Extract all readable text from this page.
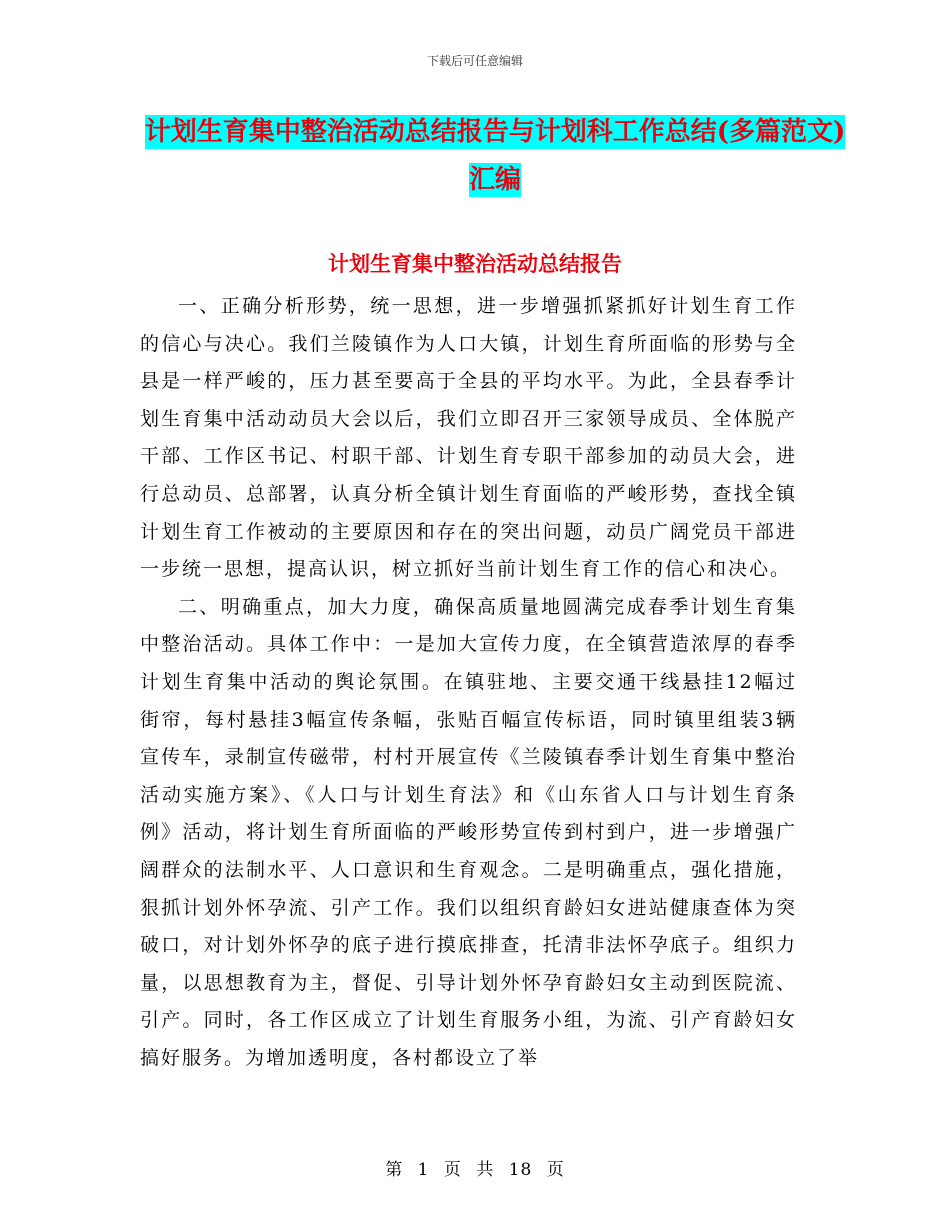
下载后可任意编辑
计划生育集中整治活动总结报告与计划科工作总结(多篇范文)汇编
计划生育集中整治活动总结报告

一、正确分析形势，统一思想，进一步增强抓紧抓好计划生育工作的信心与决心。我们兰陵镇作为人口大镇，计划生育所面临的形势与全县是一样严峻的，压力甚至要高于全县的平均水平。为此，全县春季计划生育集中活动动员大会以后，我们立即召开三家领导成员、全体脱产干部、工作区书记、村职干部、计划生育专职干部参加的动员大会，进行总动员、总部署，认真分析全镇计划生育面临的严峻形势，查找全镇计划生育工作被动的主要原因和存在的突出问题，动员广阔党员干部进一步统一思想，提高认识，树立抓好当前计划生育工作的信心和决心。

二、明确重点，加大力度，确保高质量地圆满完成春季计划生育集中整治活动。具体工作中：一是加大宣传力度，在全镇营造浓厚的春季计划生育集中活动的舆论氛围。在镇驻地、主要交通干线悬挂12幅过街帘，每村悬挂3幅宣传条幅，张贴百幅宣传标语，同时镇里组装3辆宣传车，录制宣传磁带，村村开展宣传《兰陵镇春季计划生育集中整治活动实施方案》、《人口与计划生育法》和《山东省人口与计划生育条例》活动，将计划生育所面临的严峻形势宣传到村到户，进一步增强广阔群众的法制水平、人口意识和生育观念。二是明确重点，强化措施，狠抓计划外怀孕流、引产工作。我们以组织育龄妇女进站健康查体为突破口，对计划外怀孕的底子进行摸底排查，托清非法怀孕底子。组织力量，以思想教育为主，督促、引导计划外怀孕育龄妇女主动到医院流、引产。同时，各工作区成立了计划生育服务小组，为流、引产育龄妇女搞好服务。为增加透明度，各村都设立了举

第 1 页 共 18 页
